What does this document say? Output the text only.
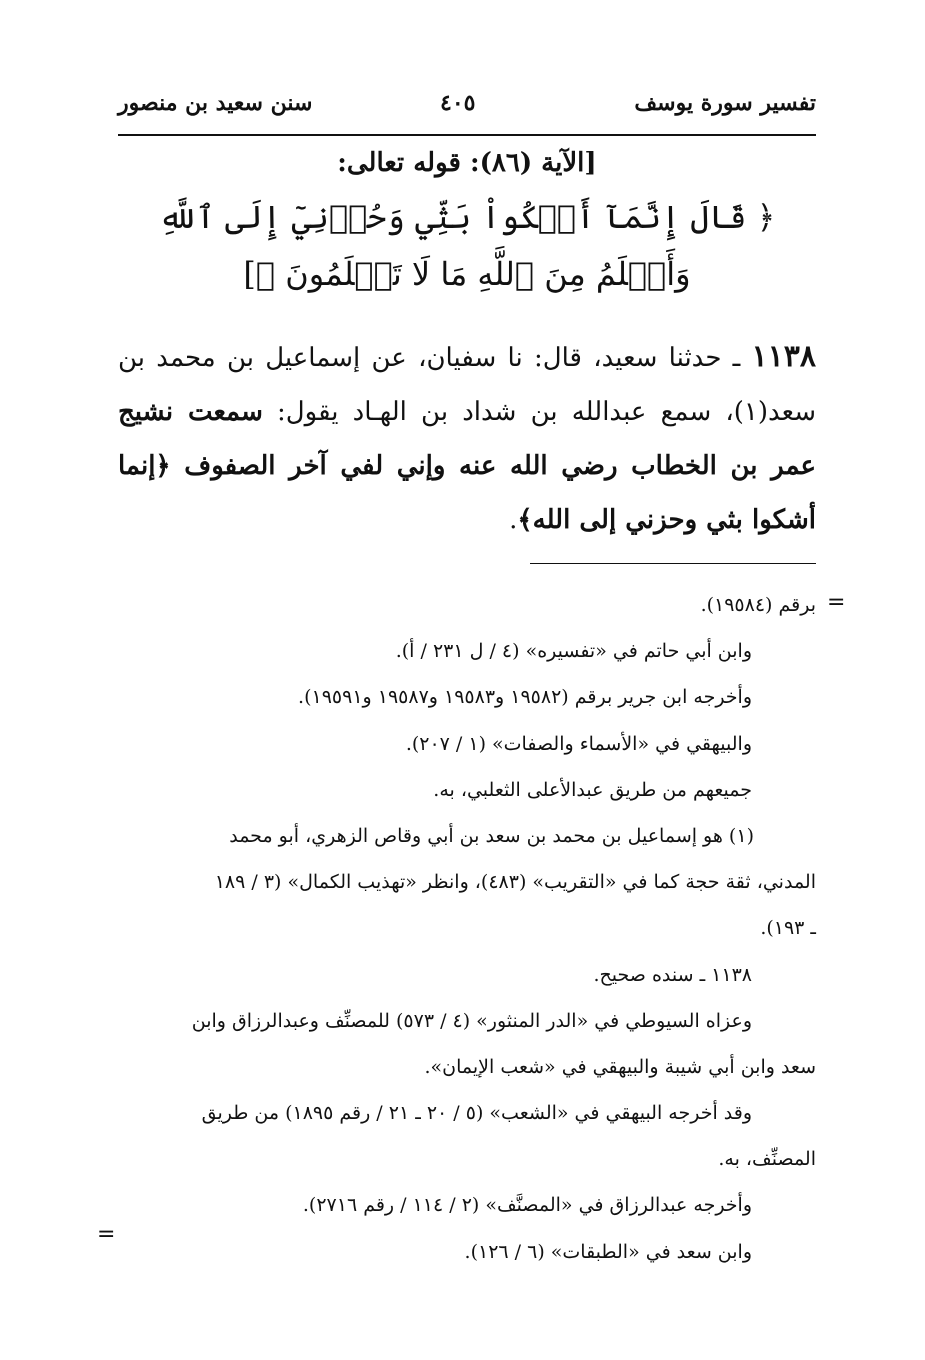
تفسير سورة يوسف
٤٠٥
سنن سعيد بن منصور
[الآية (٨٦): قوله تعالى:
﴿ قَالَ إِنَّمَآ أَشۡكُواْ بَثِّي وَحُزۡنِيٓ إِلَى ٱللَّهِ
وَأَعۡلَمُ مِنَ ٱللَّهِ مَا لَا تَعۡلَمُونَ ﴾]
١١٣٨ ـ حدثنا سعيد، قال: نا سفيان، عن إسماعيل بن محمد بن سعد(١)، سمع عبدالله بن شداد بن الهـاد يقول: سمعت نشيج عمر بن الخطاب رضي الله عنه وإني لفي آخر الصفوف ﴿إنما أشكوا بثي وحزني إلى الله﴾.
=
برقم (١٩٥٨٤).
وابن أبي حاتم في «تفسيره» (٤ / ل ٢٣١ / أ).
وأخرجه ابن جرير برقم (١٩٥٨٢ و١٩٥٨٣ و١٩٥٨٧ و١٩٥٩١).
والبيهقي في «الأسماء والصفات» (١ / ٢٠٧).
جميعهم من طريق عبدالأعلى الثعلبي، به.
(١) هو إسماعيل بن محمد بن سعد بن أبي وقاص الزهري، أبو محمد
المدني، ثقة حجة كما في «التقريب» (٤٨٣)، وانظر «تهذيب الكمال» (٣ / ١٨٩
ـ ١٩٣).
١١٣٨ ـ سنده صحيح.
وعزاه السيوطي في «الدر المنثور» (٤ / ٥٧٣) للمصنِّف وعبدالرزاق وابن
سعد وابن أبي شيبة والبيهقي في «شعب الإيمان».
وقد أخرجه البيهقي في «الشعب» (٥ / ٢٠ ـ ٢١ / رقم ١٨٩٥) من طريق
المصنِّف، به.
وأخرجه عبدالرزاق في «المصنَّف» (٢ / ١١٤ / رقم ٢٧١٦).
وابن سعد في «الطبقات» (٦ / ١٢٦).
=
